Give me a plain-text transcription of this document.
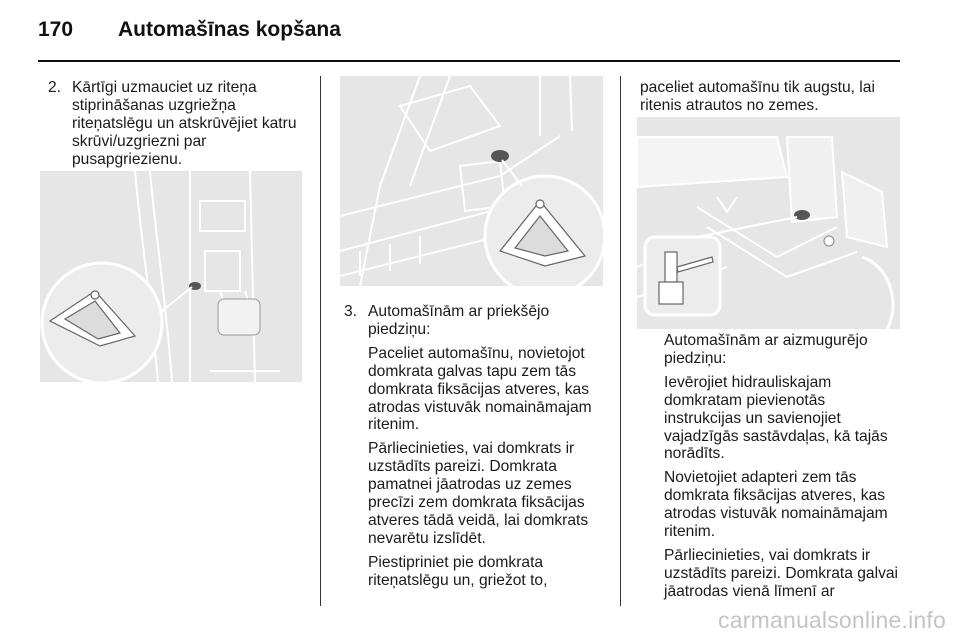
170	Automašīnas kopšana
2. Kārtīgi uzmauciet uz riteņa stiprināšanas uzgriežņa riteņatslēgu un atskrūvējiet katru skrūvi/uzgriezni par pusapgriezienu.
3. Automašīnām ar priekšējo piedziņu:

Paceliet automašīnu, novietojot domkrata galvas tapu zem tās domkrata fiksācijas atveres, kas atrodas vistuvāk nomaināmajam ritenim.

Pārliecinieties, vai domkrats ir uzstādīts pareizi. Domkrata pamatnei jāatrodas uz zemes precīzi zem domkrata fiksācijas atveres tādā veidā, lai domkrats nevarētu izslīdēt.

Piestipriniet pie domkrata riteņatslēgu un, griežot to,

paceliet automašīnu tik augstu, lai ritenis atrautos no zemes.

Automašīnām ar aizmugurējo piedziņu:

Ievērojiet hidrauliskajam domkratam pievienotās instrukcijas un savienojiet vajadzīgās sastāvdaļas, kā tajās norādīts.

Novietojiet adapteri zem tās domkrata fiksācijas atveres, kas atrodas vistuvāk nomaināmajam ritenim.

Pārliecinieties, vai domkrats ir uzstādīts pareizi. Domkrata galvai jāatrodas vienā līmenī ar

carmanualsonline.info
